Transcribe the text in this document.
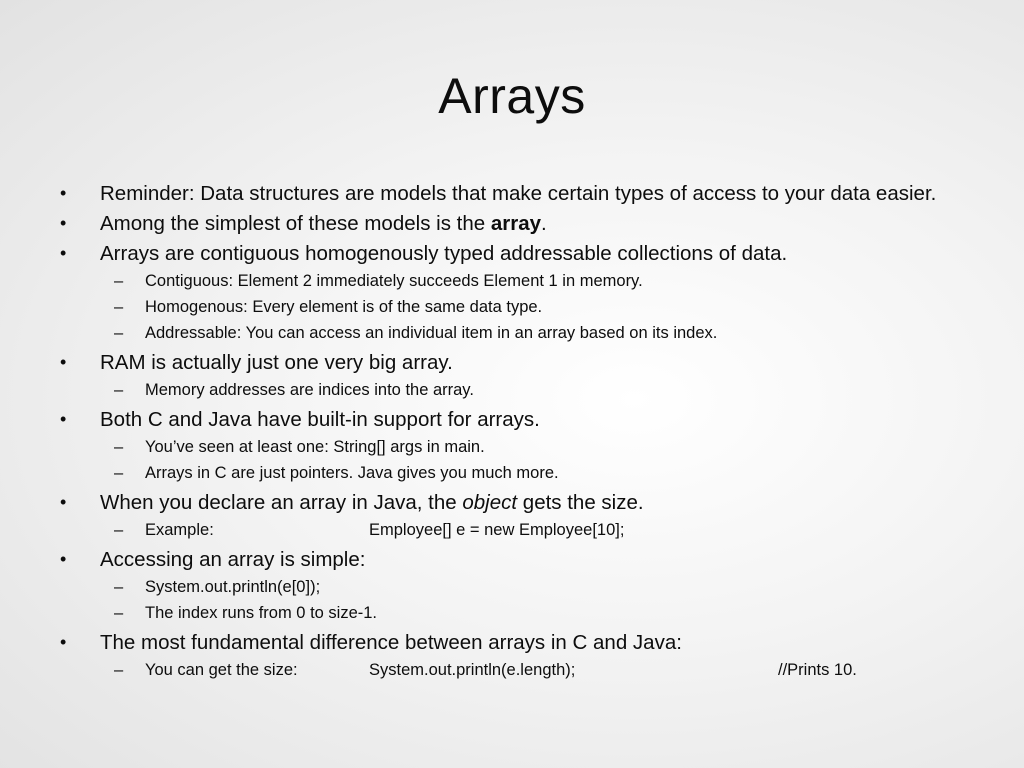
Arrays
• Reminder: Data structures are models that make certain types of access to your data easier.
• Among the simplest of these models is the array.
• Arrays are contiguous homogenously typed addressable collections of data.
– Contiguous: Element 2 immediately succeeds Element 1 in memory.
– Homogenous: Every element is of the same data type.
– Addressable: You can access an individual item in an array based on its index.
• RAM is actually just one very big array.
– Memory addresses are indices into the array.
• Both C and Java have built-in support for arrays.
– You’ve seen at least one: String[] args in main.
– Arrays in C are just pointers. Java gives you much more.
• When you declare an array in Java, the object gets the size.
– Example:	Employee[] e = new Employee[10];
• Accessing an array is simple:
– System.out.println(e[0]);
– The index runs from 0 to size-1.
• The most fundamental difference between arrays in C and Java:
– You can get the size:	System.out.println(e.length);	//Prints 10.
